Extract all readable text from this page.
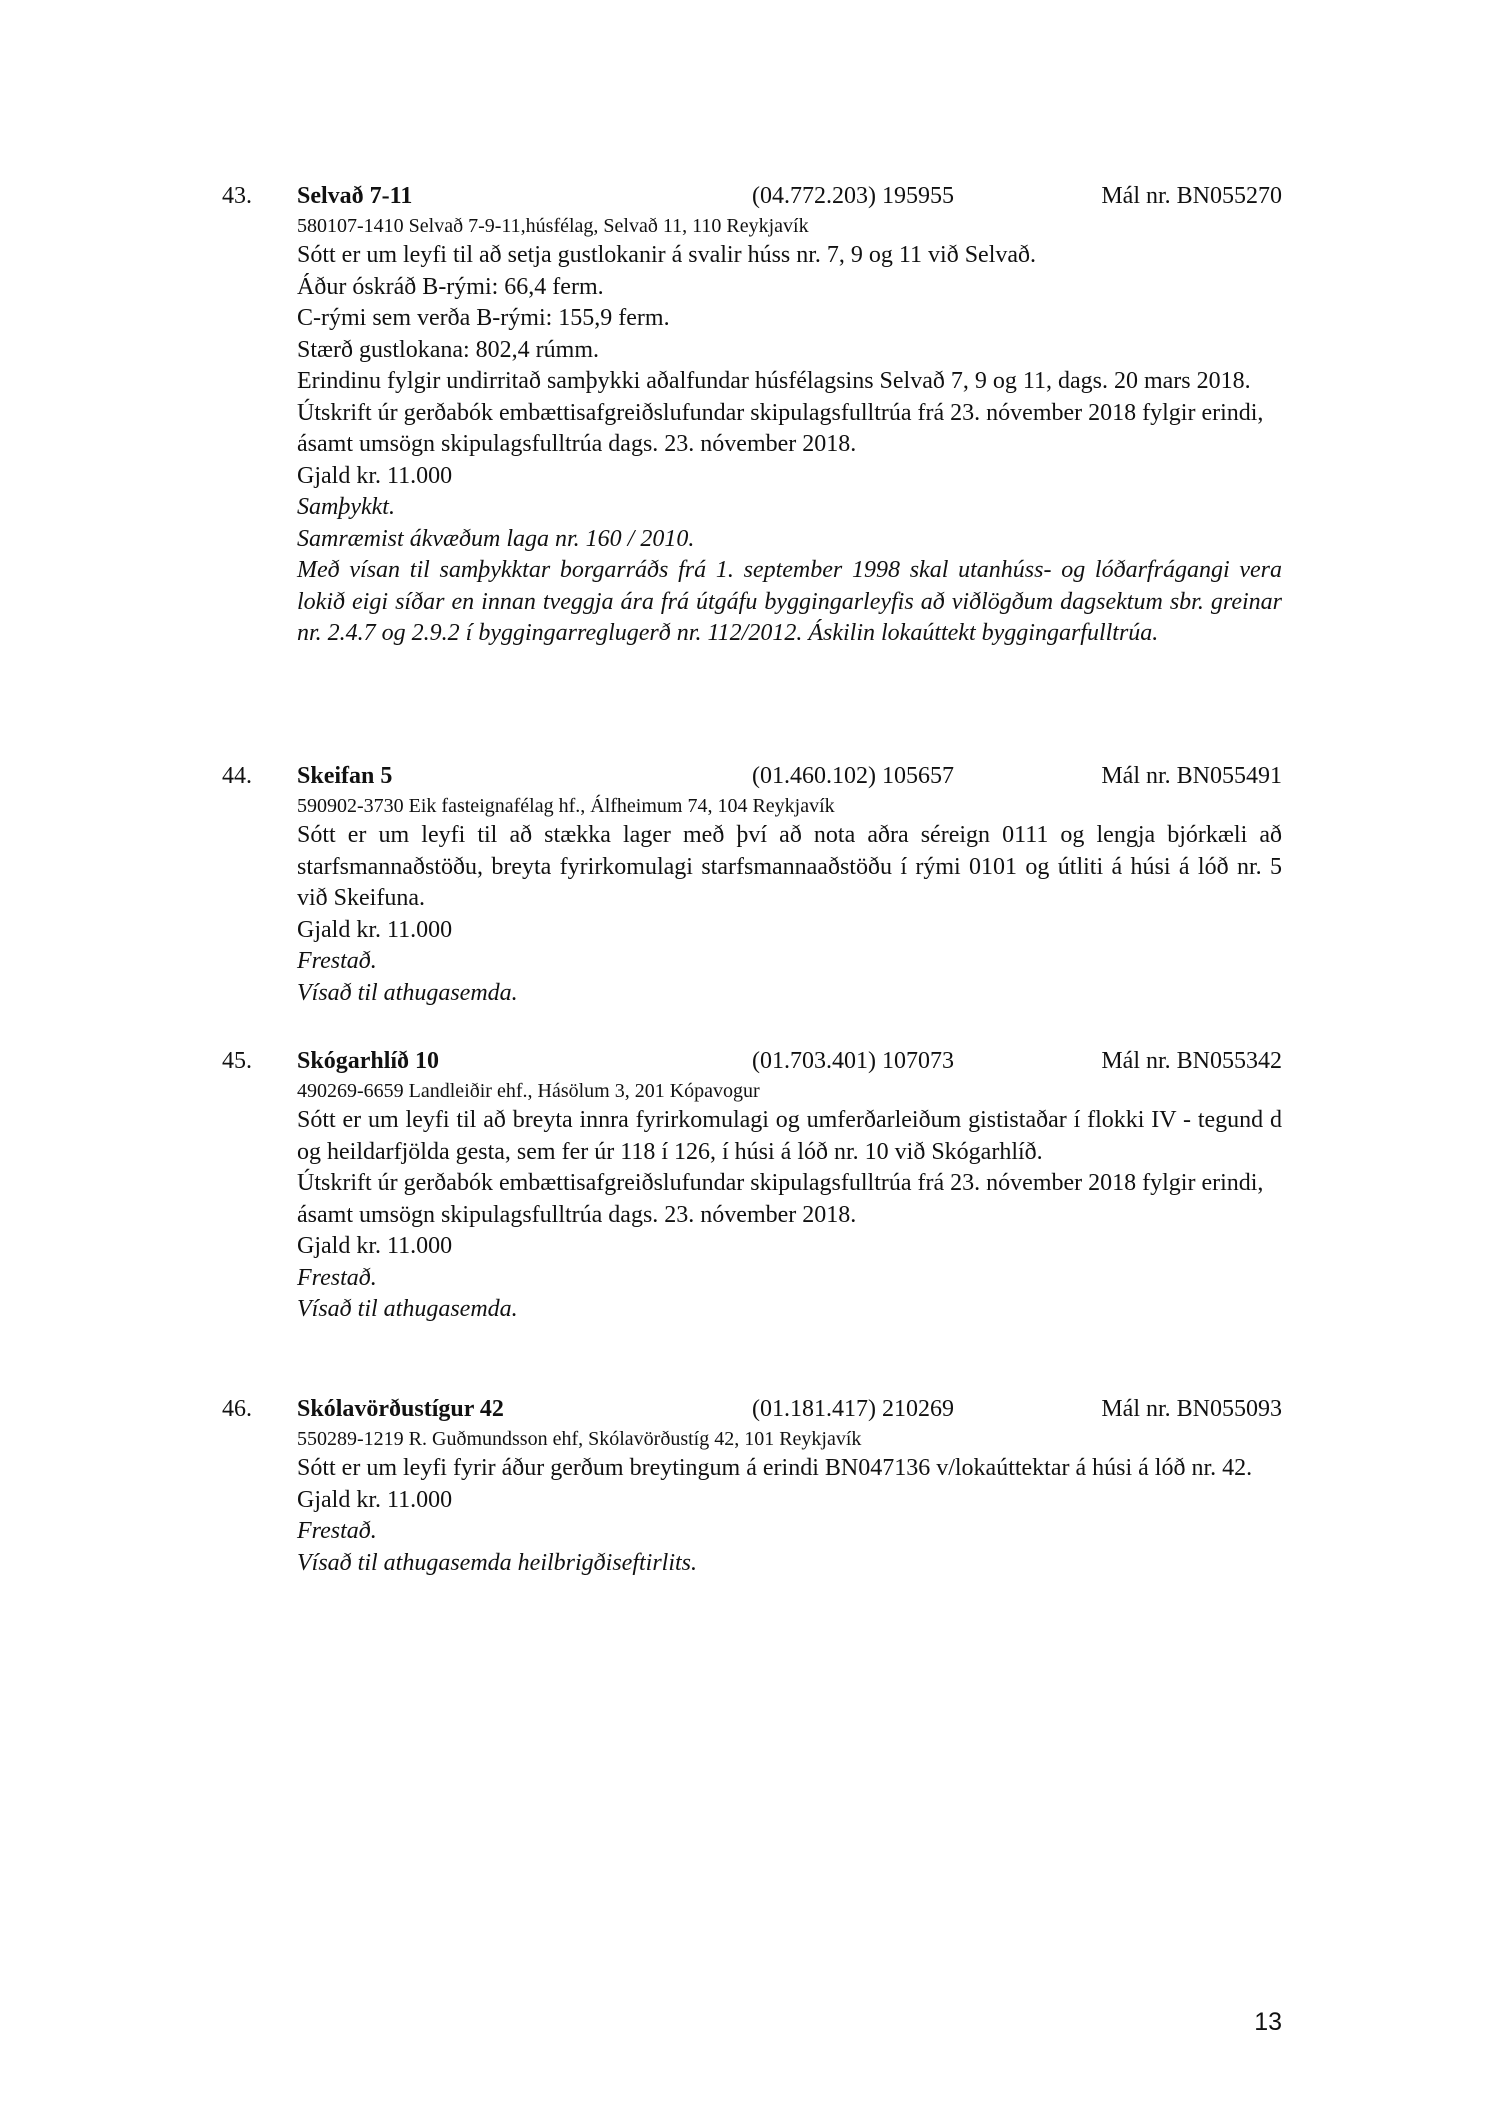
43. Selvað 7-11	(04.772.203) 195955	Mál nr. BN055270
580107-1410 Selvað 7-9-11,húsfélag, Selvað 11, 110 Reykjavík
Sótt er um leyfi til að setja gustlokanir á svalir húss nr. 7, 9 og 11 við Selvað.
Áður óskráð B-rými: 66,4 ferm.
C-rými sem verða B-rými: 155,9 ferm.
Stærð gustlokana: 802,4 rúmm.
Erindinu fylgir undirritað samþykki aðalfundar húsfélagsins Selvað 7, 9 og 11, dags. 20 mars 2018.
Útskrift úr gerðabók embættisafgreiðslufundar skipulagsfulltrúa frá 23. nóvember 2018 fylgir erindi, ásamt umsögn skipulagsfulltrúa dags. 23. nóvember 2018.
Gjald kr. 11.000
Samþykkt.
Samræmist ákvæðum laga nr. 160 / 2010.
Með vísan til samþykktar borgarráðs frá 1. september 1998 skal utanhúss- og lóðarfrágangi vera lokið eigi síðar en innan tveggja ára frá útgáfu byggingarleyfis að viðlögðum dagsektum sbr. greinar nr. 2.4.7 og 2.9.2 í byggingarreglugerð nr. 112/2012. Áskilin lokaúttekt byggingarfulltrúa.
44. Skeifan 5	(01.460.102) 105657	Mál nr. BN055491
590902-3730 Eik fasteignafélag hf., Álfheimum 74, 104 Reykjavík
Sótt er um leyfi til að stækka lager með því að nota aðra séreign 0111 og lengja bjórkæli að starfsmannaðstöðu, breyta fyrirkomulagi starfsmannaaðstöðu í rými 0101 og útliti á húsi á lóð nr. 5 við Skeifuna.
Gjald kr. 11.000
Frestað.
Vísað til athugasemda.
45. Skógarhlíð 10	(01.703.401) 107073	Mál nr. BN055342
490269-6659 Landleiðir ehf., Hásölum 3, 201 Kópavogur
Sótt er um leyfi til að breyta innra fyrirkomulagi og umferðarleiðum gististaðar í flokki IV - tegund d og heildarfjölda gesta, sem fer úr 118 í 126, í húsi á lóð nr. 10 við Skógarhlíð.
Útskrift úr gerðabók embættisafgreiðslufundar skipulagsfulltrúa frá 23. nóvember 2018 fylgir erindi, ásamt umsögn skipulagsfulltrúa dags. 23. nóvember 2018.
Gjald kr. 11.000
Frestað.
Vísað til athugasemda.
46. Skólavörðustígur 42	(01.181.417) 210269	Mál nr. BN055093
550289-1219 R. Guðmundsson ehf, Skólavörðustíg 42, 101 Reykjavík
Sótt er um leyfi fyrir áður gerðum breytingum á erindi BN047136 v/lokaúttektar á húsi á lóð nr. 42.
Gjald kr. 11.000
Frestað.
Vísað til athugasemda heilbrigðiseftirlits.
13
